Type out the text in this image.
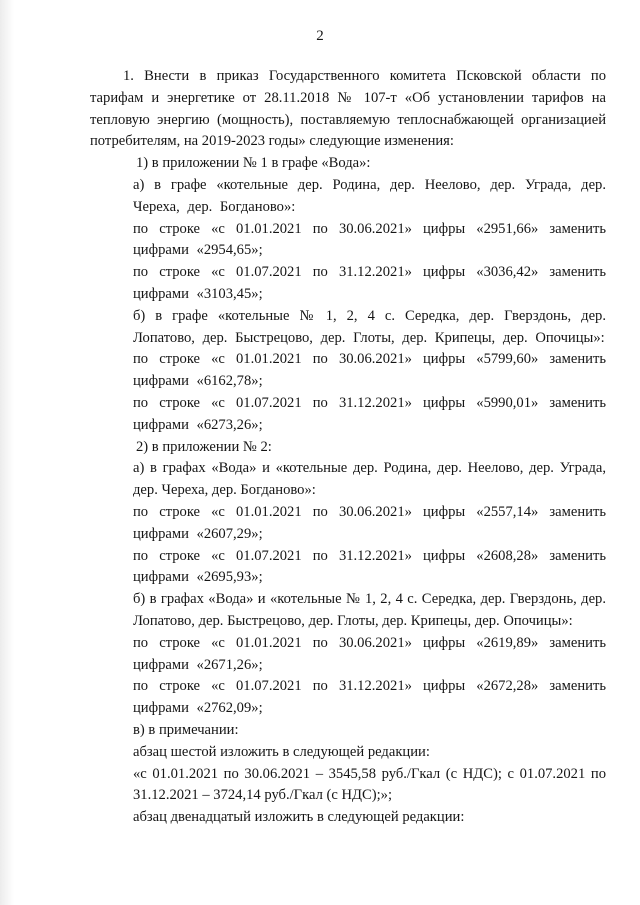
2

1. Внести в приказ Государственного комитета Псковской области по тарифам и энергетике от 28.11.2018 № 107-т «Об установлении тарифов на тепловую энергию (мощность), поставляемую теплоснабжающей организацией потребителям, на 2019-2023 годы» следующие изменения:

1) в приложении № 1 в графе «Вода»:

а) в графе «котельные дер. Родина, дер. Неелово, дер. Уграда, дер. Череха, дер. Богданово»:

по строке «с 01.01.2021 по 30.06.2021» цифры «2951,66» заменить цифрами «2954,65»;

по строке «с 01.07.2021 по 31.12.2021» цифры «3036,42» заменить цифрами «3103,45»;

б) в графе «котельные № 1, 2, 4 с. Середка, дер. Гверздонь, дер. Лопатово, дер. Быстрецово, дер. Глоты, дер. Крипецы, дер. Опочицы»:

по строке «с 01.01.2021 по 30.06.2021» цифры «5799,60» заменить цифрами «6162,78»;

по строке «с 01.07.2021 по 31.12.2021» цифры «5990,01» заменить цифрами «6273,26»;

2) в приложении № 2:

а) в графах «Вода» и «котельные дер. Родина, дер. Неелово, дер. Уграда, дер. Череха, дер. Богданово»:

по строке «с 01.01.2021 по 30.06.2021» цифры «2557,14» заменить цифрами «2607,29»;

по строке «с 01.07.2021 по 31.12.2021» цифры «2608,28» заменить цифрами «2695,93»;

б) в графах «Вода» и «котельные № 1, 2, 4 с. Середка, дер. Гверздонь, дер. Лопатово, дер. Быстрецово, дер. Глоты, дер. Крипецы, дер. Опочицы»:

по строке «с 01.01.2021 по 30.06.2021» цифры «2619,89» заменить цифрами «2671,26»;

по строке «с 01.07.2021 по 31.12.2021» цифры «2672,28» заменить цифрами «2762,09»;

в) в примечании:

абзац шестой изложить в следующей редакции:

«с 01.01.2021 по 30.06.2021 – 3545,58 руб./Гкал (с НДС); с 01.07.2021 по 31.12.2021 – 3724,14 руб./Гкал (с НДС);»;

абзац двенадцатый изложить в следующей редакции:
